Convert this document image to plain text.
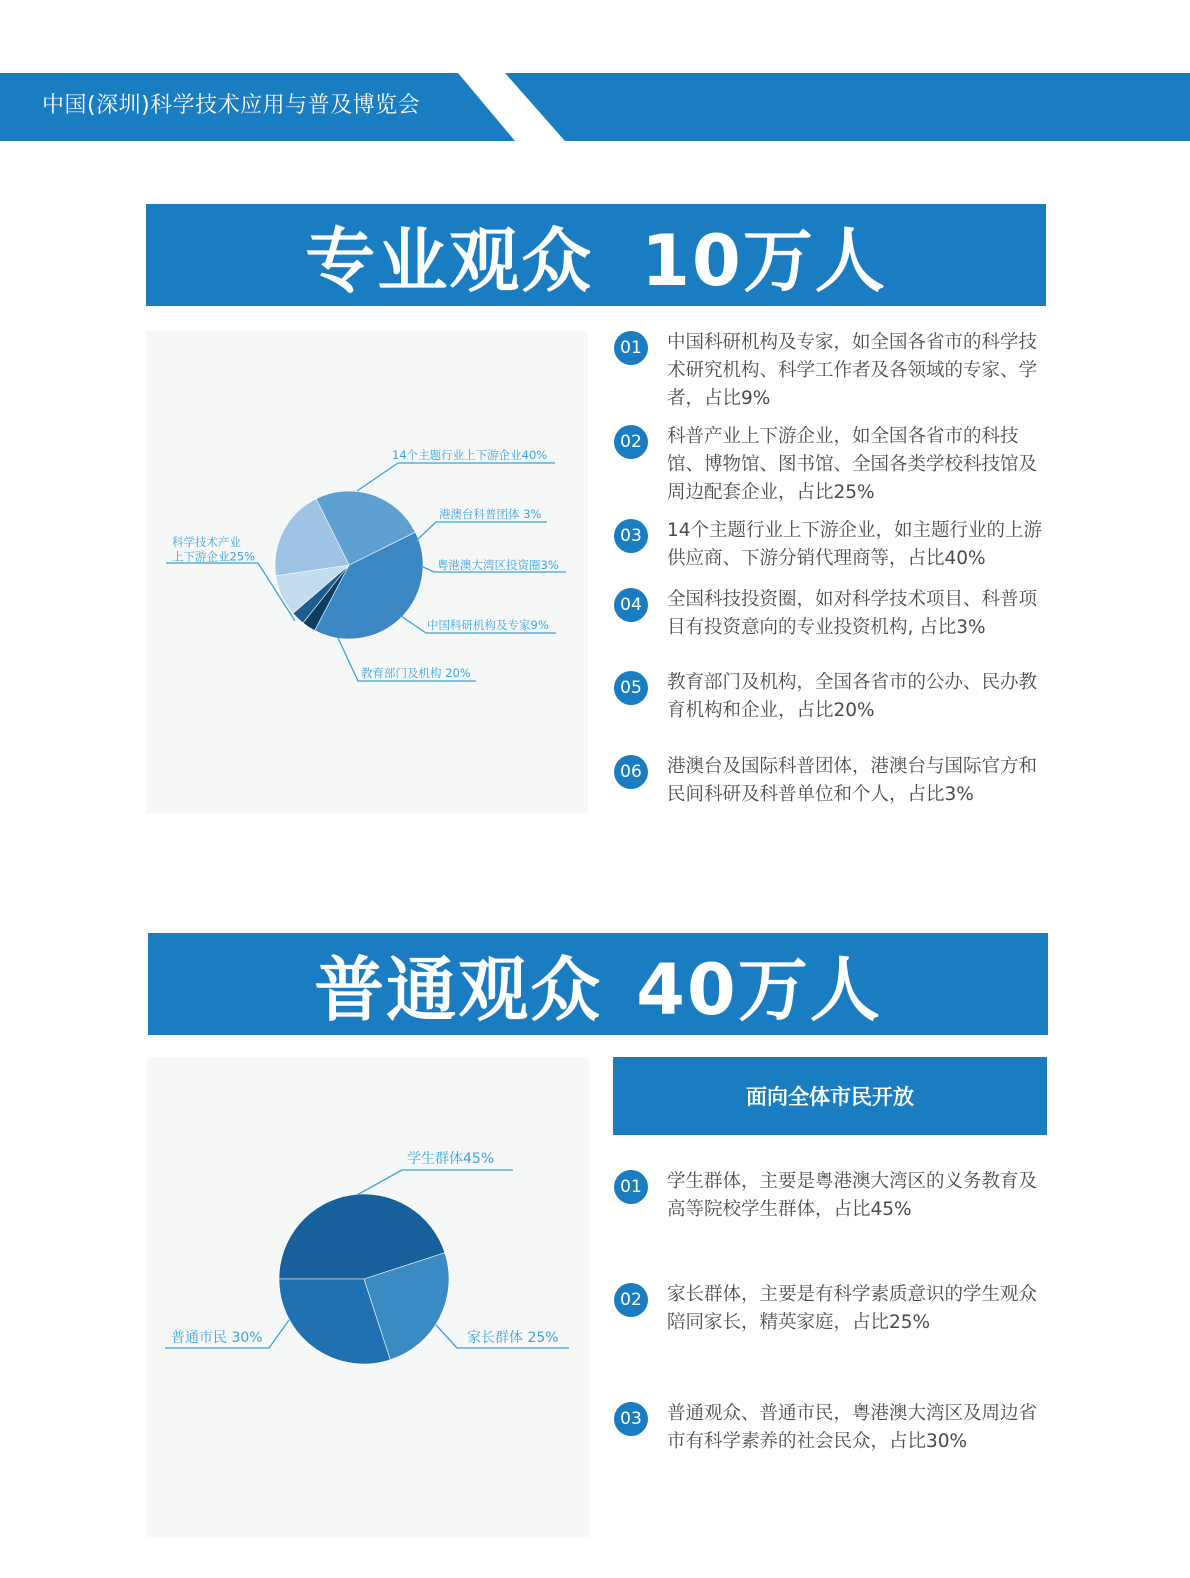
中国(深圳)科学技术应用与普及博览会
专业观众 10万人
14个主题行业上下游企业40%
港澳台科普团体 3%
粤港澳大湾区投资圈3%
中国科研机构及专家9%
教育部门及机构 20%
科学技术产业上下游企业25%
01	中国科研机构及专家，如全国各省市的科学技术研究机构、科学工作者及各领域的专家、学者，占比9%
02	科普产业上下游企业，如全国各省市的科技馆、博物馆、图书馆、全国各类学校科技馆及周边配套企业，占比25%
03	14个主题行业上下游企业，如主题行业的上游供应商、下游分销代理商等，占比40%
04	全国科技投资圈，如对科学技术项目、科普项目有投资意向的专业投资机构, 占比3%
05	教育部门及机构，全国各省市的公办、民办教育机构和企业，占比20%
06	港澳台及国际科普团体，港澳台与国际官方和民间科研及科普单位和个人，占比3%
普通观众 40万人
学生群体45%
家长群体 25%
普通市民 30%
面向全体市民开放
01	学生群体，主要是粤港澳大湾区的义务教育及高等院校学生群体，占比45%
02	家长群体，主要是有科学素质意识的学生观众陪同家长，精英家庭，占比25%
03	普通观众、普通市民，粤港澳大湾区及周边省市有科学素养的社会民众，占比30%
